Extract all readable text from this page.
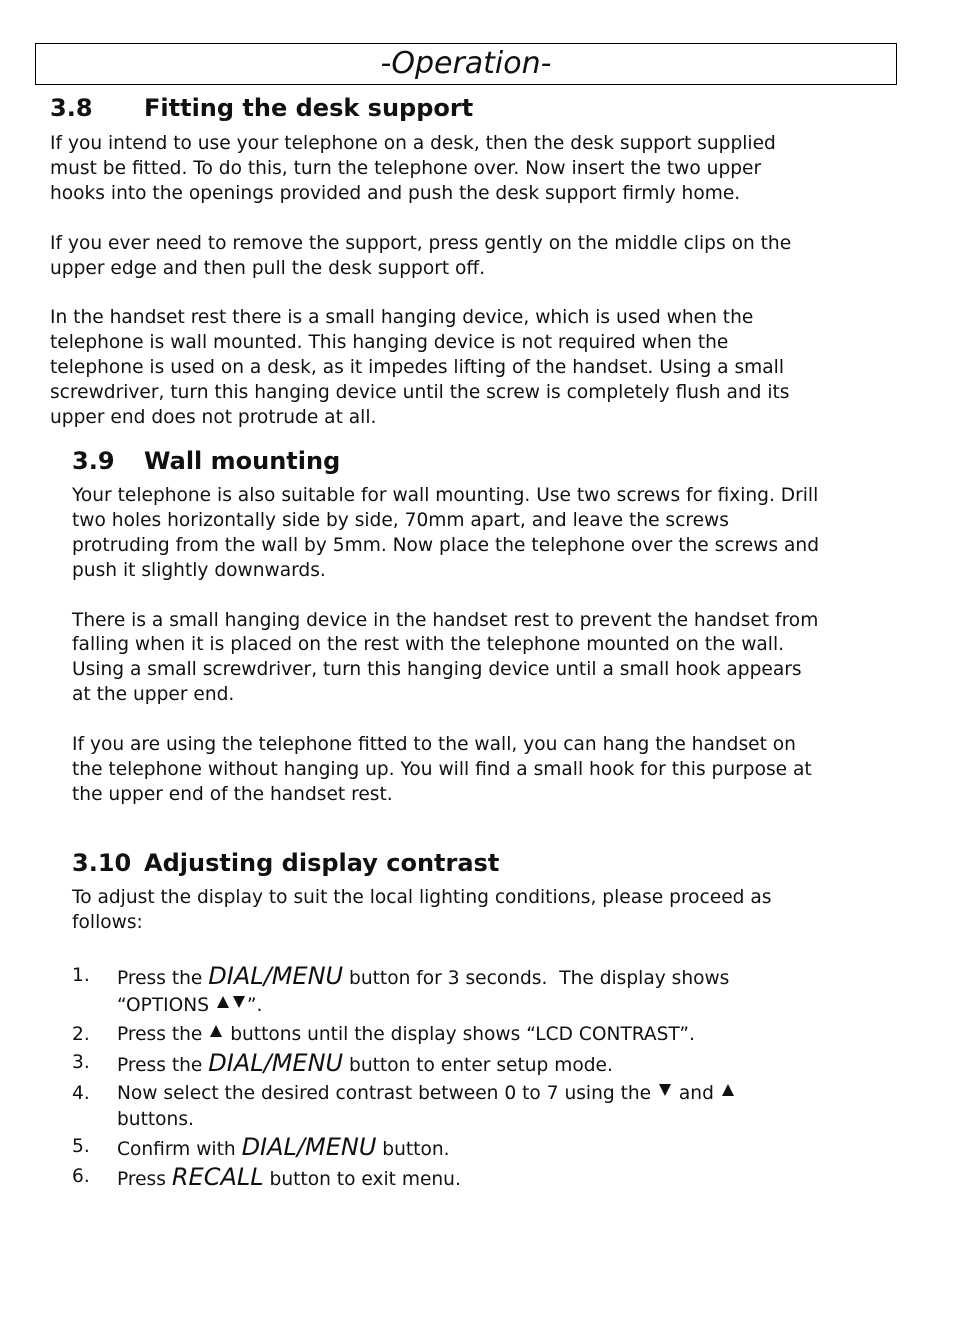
-Operation-
3.8 Fitting the desk support

If you intend to use your telephone on a desk, then the desk support supplied
must be fitted. To do this, turn the telephone over. Now insert the two upper
hooks into the openings provided and push the desk support firmly home.

If you ever need to remove the support, press gently on the middle clips on the
upper edge and then pull the desk support off.

In the handset rest there is a small hanging device, which is used when the
telephone is wall mounted. This hanging device is not required when the
telephone is used on a desk, as it impedes lifting of the handset. Using a small
screwdriver, turn this hanging device until the screw is completely flush and its
upper end does not protrude at all.

3.9 Wall mounting

Your telephone is also suitable for wall mounting. Use two screws for fixing. Drill
two holes horizontally side by side, 70mm apart, and leave the screws
protruding from the wall by 5mm. Now place the telephone over the screws and
push it slightly downwards.

There is a small hanging device in the handset rest to prevent the handset from
falling when it is placed on the rest with the telephone mounted on the wall.
Using a small screwdriver, turn this hanging device until a small hook appears
at the upper end.

If you are using the telephone fitted to the wall, you can hang the handset on
the telephone without hanging up. You will find a small hook for this purpose at
the upper end of the handset rest.

3.10 Adjusting display contrast

To adjust the display to suit the local lighting conditions, please proceed as
follows:

1. Press the DIAL/MENU button for 3 seconds.  The display shows
“OPTIONS ”.
2. Press the  buttons until the display shows “LCD CONTRAST”.
3. Press the DIAL/MENU button to enter setup mode.
4. Now select the desired contrast between 0 to 7 using the  and
buttons.
5. Confirm with DIAL/MENU button.
6. Press RECALL button to exit menu.
